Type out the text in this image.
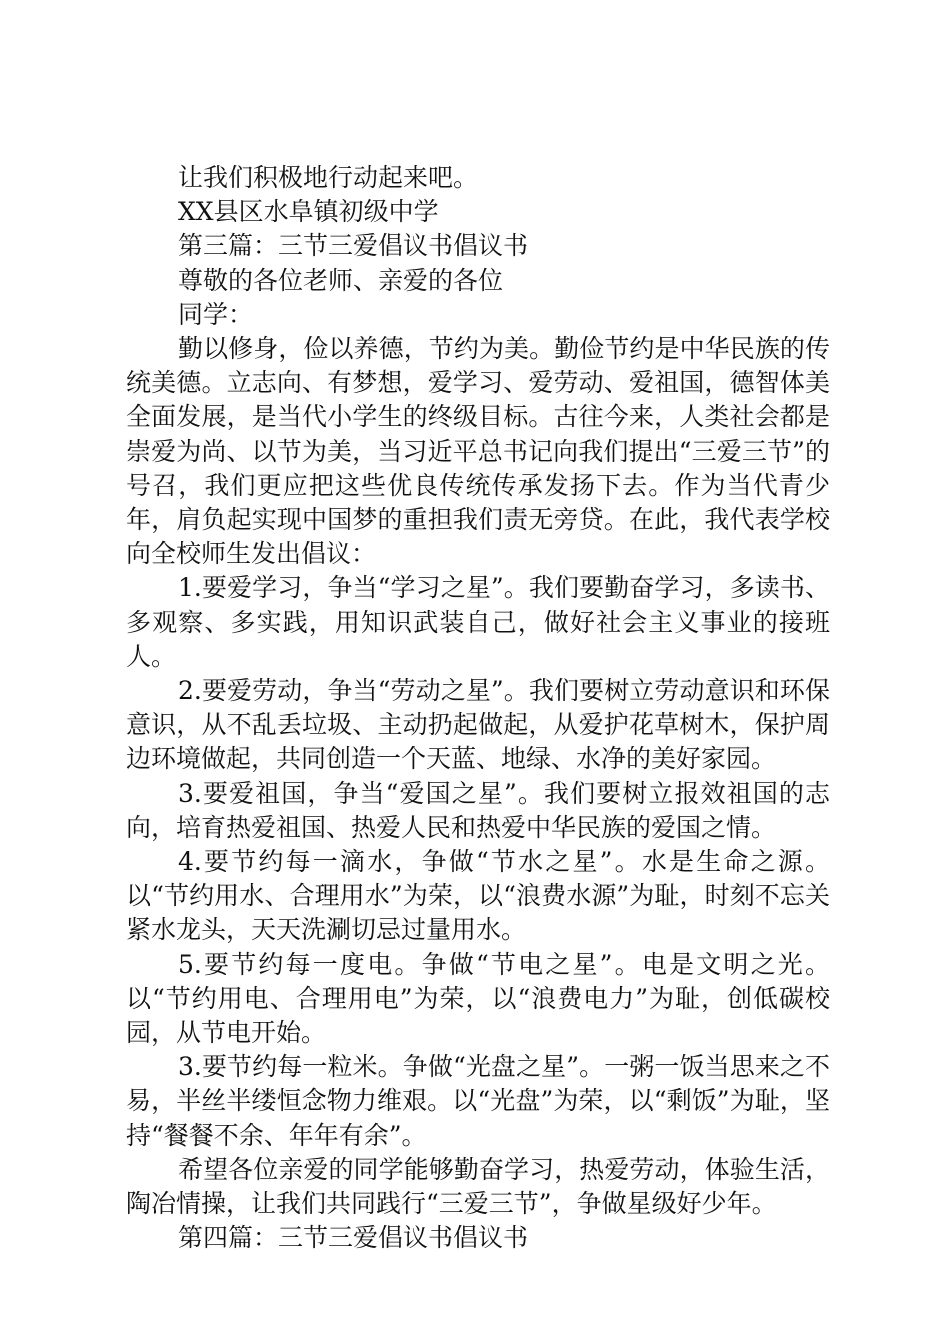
让我们积极地行动起来吧。

XX县区水阜镇初级中学

第三篇：三节三爱倡议书倡议书

尊敬的各位老师、亲爱的各位

同学：

勤以修身，俭以养德，节约为美。勤俭节约是中华民族的传统美德。立志向、有梦想，爱学习、爱劳动、爱祖国，德智体美全面发展，是当代小学生的终级目标。古往今来，人类社会都是崇爱为尚、以节为美，当习近平总书记向我们提出“三爱三节”的号召，我们更应把这些优良传统传承发扬下去。作为当代青少年，肩负起实现中国梦的重担我们责无旁贷。在此，我代表学校向全校师生发出倡议：

1.要爱学习，争当“学习之星”。我们要勤奋学习，多读书、多观察、多实践，用知识武装自己，做好社会主义事业的接班人。

2.要爱劳动，争当“劳动之星”。我们要树立劳动意识和环保意识，从不乱丢垃圾、主动扔起做起，从爱护花草树木，保护周边环境做起，共同创造一个天蓝、地绿、水净的美好家园。

3.要爱祖国，争当“爱国之星”。我们要树立报效祖国的志向，培育热爱祖国、热爱人民和热爱中华民族的爱国之情。

4.要节约每一滴水，争做“节水之星”。水是生命之源。以“节约用水、合理用水”为荣，以“浪费水源”为耻，时刻不忘关紧水龙头，天天洗涮切忌过量用水。

5.要节约每一度电。争做“节电之星”。电是文明之光。以“节约用电、合理用电”为荣，以“浪费电力”为耻，创低碳校园，从节电开始。

3.要节约每一粒米。争做“光盘之星”。一粥一饭当思来之不易，半丝半缕恒念物力维艰。以“光盘”为荣，以“剩饭”为耻，坚持“餐餐不余、年年有余”。

希望各位亲爱的同学能够勤奋学习，热爱劳动，体验生活，陶冶情操，让我们共同践行“三爱三节”，争做星级好少年。

第四篇：三节三爱倡议书倡议书
